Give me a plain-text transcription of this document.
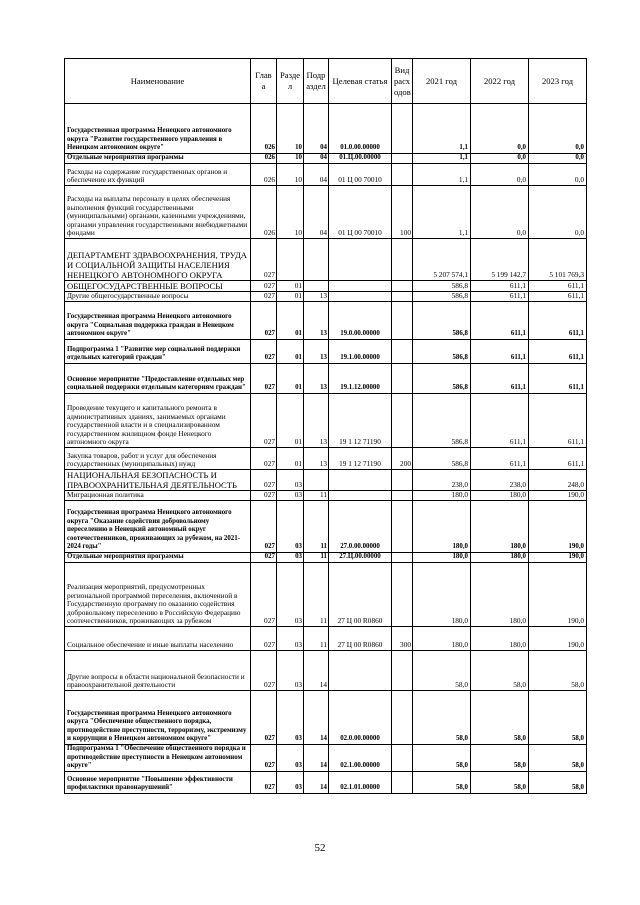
Наименование	Глав а	Разде л	Подр аздел	Целевая статья	Вид расх одов	2021 год	2022 год	2023 год
Государственная программа Ненецкого автономного округа "Развитие государственного управления в Ненецком автономном округе"	026	10	04	01.0.00.00000		1,1	0,0	0,0
Отдельные мероприятия программы	026	10	04	01.Ц.00.00000		1,1	0,0	0,0
Расходы на содержание государственных органов и обеспечение их функций	026	10	04	01 Ц 00 70010		1,1	0,0	0,0
Расходы на выплаты персоналу в целях обеспечения выполнения функций государственными (муниципальными) органами, казенными учреждениями, органами управления государственными внебюджетными фондами	026	10	04	01 Ц 00 70010	100	1,1	0,0	0,0
ДЕПАРТАМЕНТ ЗДРАВООХРАНЕНИЯ, ТРУДА И СОЦИАЛЬНОЙ ЗАЩИТЫ НАСЕЛЕНИЯ НЕНЕЦКОГО АВТОНОМНОГО ОКРУГА	027					5 207 574,1	5 199 142,7	5 101 769,3
ОБЩЕГОСУДАРСТВЕННЫЕ ВОПРОСЫ	027	01				586,8	611,1	611,1
Другие общегосударственные вопросы	027	01	13			586,8	611,1	611,1
Государственная программа Ненецкого автономного округа "Социальная поддержка граждан в Ненецком автономном округе"	027	01	13	19.0.00.00000		586,8	611,1	611,1
Подпрограмма 1 "Развитие мер социальной поддержки отдельных категорий граждан"	027	01	13	19.1.00.00000		586,8	611,1	611,1
Основное мероприятие "Предоставление отдельных мер социальной поддержки отдельным категориям граждан"	027	01	13	19.1.12.00000		586,8	611,1	611,1
Проведение текущего и капитального ремонта в административных зданиях, занимаемых органами государственной власти и в специализированном государственном жилищном фонде Ненецкого автономного округа	027	01	13	19 1 12 71190		586,8	611,1	611,1
Закупка товаров, работ и услуг для обеспечения государственных (муниципальных) нужд	027	01	13	19 1 12 71190	200	586,8	611,1	611,1
НАЦИОНАЛЬНАЯ БЕЗОПАСНОСТЬ И ПРАВООХРАНИТЕЛЬНАЯ ДЕЯТЕЛЬНОСТЬ	027	03				238,0	238,0	248,0
Миграционная политика	027	03	11			180,0	180,0	190,0
Государственная программа Ненецкого автономного округа "Оказание содействия добровольному переселению в Ненецкий автономный округ соотечественников, проживающих за рубежом, на 2021-2024 годы"	027	03	11	27.0.00.00000		180,0	180,0	190,0
Отдельные мероприятия программы	027	03	11	27.Ц.00.00000		180,0	180,0	190,0
Реализация мероприятий, предусмотренных региональной программой переселения, включенной в Государственную программу по оказанию содействия добровольному переселению в Российскую Федерацию соотечественников, проживающих за рубежом	027	03	11	27 Ц 00 R0860		180,0	180,0	190,0
Социальное обеспечение и иные выплаты населению	027	03	11	27 Ц 00 R0860	300	180,0	180,0	190,0
Другие вопросы в области национальной безопасности и правоохранительной деятельности	027	03	14			58,0	58,0	58,0
Государственная программа Ненецкого автономного округа "Обеспечение общественного порядка, противодействие преступности, терроризму, экстремизму и коррупции в Ненецком автономном округе"	027	03	14	02.0.00.00000		58,0	58,0	58,0
Подпрограмма 1 "Обеспечение общественного порядка и противодействие преступности в Ненецком автономном округе"	027	03	14	02.1.00.00000		58,0	58,0	58,0
Основное мероприятие "Повышение эффективности профилактики правонарушений"	027	03	14	02.1.01.00000		58,0	58,0	58,0
52
